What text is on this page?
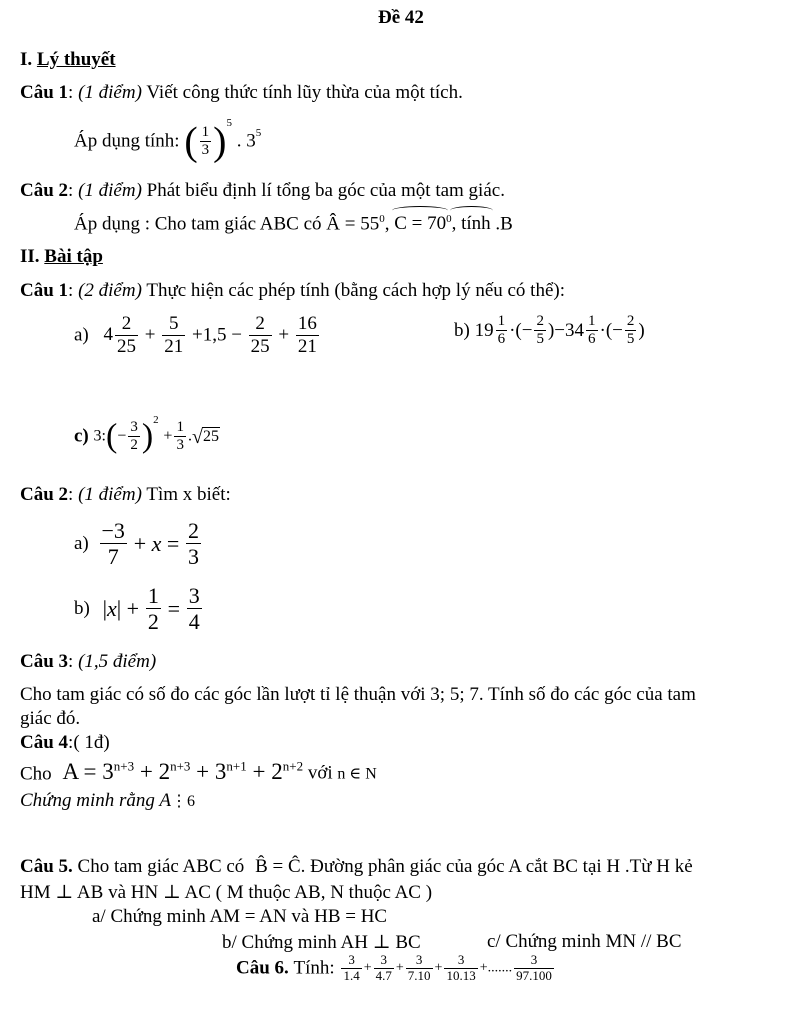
Đề 42
I. Lý thuyết
Câu 1: (1 điểm) Viết công thức tính lũy thừa của một tích.
Áp dụng tính: ( $\frac{1}{3} )^5$ . $3^5$
Câu 2: (1 điểm) Phát biểu định lí tổng ba góc của một tam giác.
Áp dụng : Cho tam giác ABC có Â = $55^0$,
$C = 70^0$
, tính .B
II. Bài tập
Câu 1: (2 điểm) Thực hiện các phép tính (bằng cách hợp lý nếu có thể):
a) $4 \frac{2}{25} + \frac{5}{21} +1,5 - \frac{2}{25} + \frac{16}{21}$	b) $19 \frac{1}{6}$ ·(− $\frac{2}{5} )-34 \frac{1}{6}$ ·(− $\frac{2}{5}$ )
c) 3:(− $\frac{3}{2} )^2 + \frac{1}{3}$ . √ 25
Câu 2: (1 điểm) Tìm x biết:
$a) \frac{-3}{7} + x = \frac{2}{3}$
b) $|x| + \frac{1}{2} = \frac{3}{4}$
Câu 3: (1,5 điểm)
Cho tam giác có số đo các góc lần lượt tỉ lệ thuận với 3; 5; 7. Tính số đo các góc của tam
giác đó.
Câu 4:( 1đ)
Cho $A = 3^{n+3} + 2^{n+3} + 3^{n+1} + 2^{n+2}$ với n ∈ N
Chứng minh rằng A⋮6
Câu 5. Cho tam giác ABC có B̂ = Ĉ. Đường phân giác của góc A cắt BC tại H .Từ H kẻ
HM ⊥ AB và HN ⊥ AC ( M thuộc AB, N thuộc AC )
a/ Chứng minh AM = AN và HB = HC
b/ Chứng minh AH ⊥ BC	c/ Chứng minh MN // BC
Câu 6. Tính: $\frac{3}{1.4} + \frac{3}{4.7} + \frac{3}{7.10} + \frac{3}{10.13}$ +....... $\frac{3}{97.100}$
